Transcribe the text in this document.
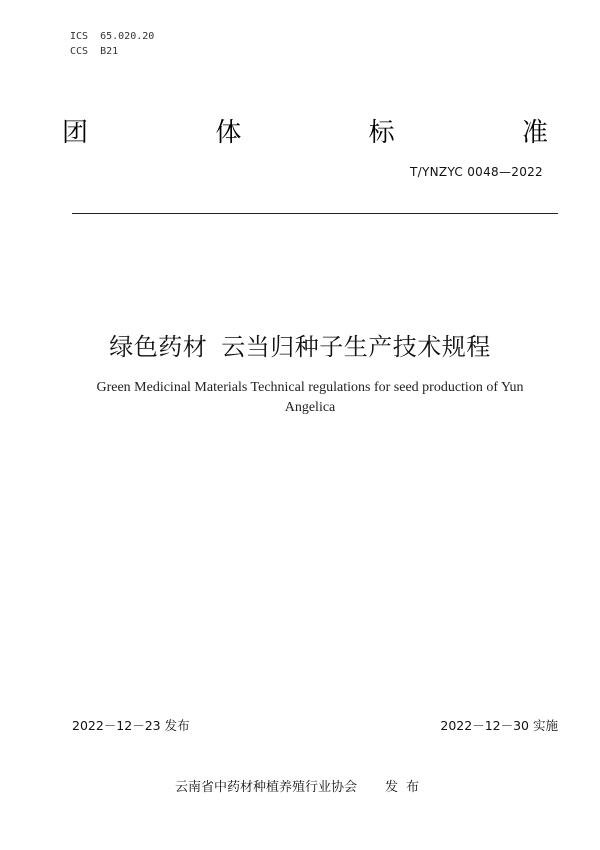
ICS  65.020.20
CCS  B21
团	体	标	准
T/YNZYC 0048—2022
绿色药材 云当归种子生产技术规程
Green Medicinal Materials Technical regulations for seed production of Yun Angelica
2022－12－23 发布	2022－12－30 实施
云南省中药材种植养殖行业协会 发布
